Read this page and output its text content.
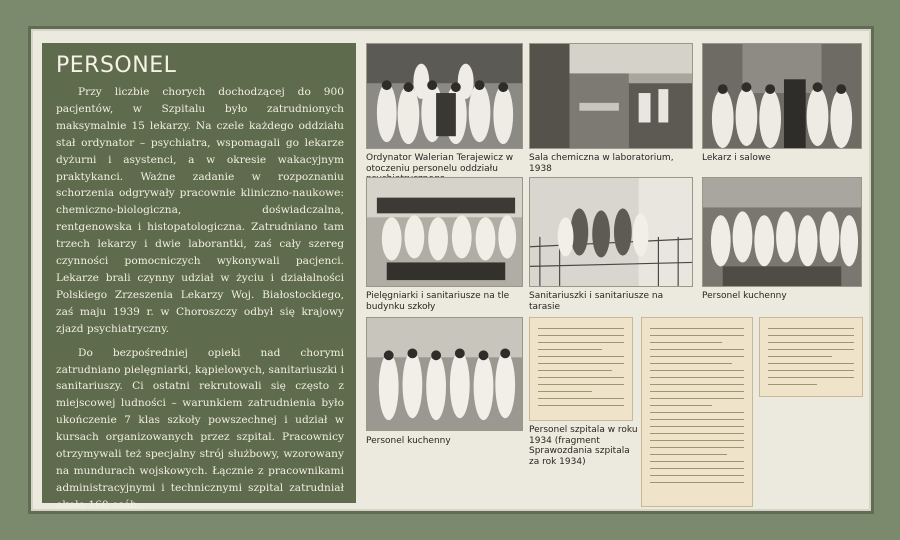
PERSONEL

Przy liczbie chorych dochodzącej do 900 pacjentów, w Szpitalu było zatrudnionych maksymalnie 15 lekarzy. Na czele każdego oddziału stał ordynator – psychiatra, wspomagali go lekarze dyżurni i asystenci, a w okresie wakacyjnym praktykanci. Ważne zadanie w rozpoznaniu schorzenia odgrywały pracownie kliniczno-naukowe: chemiczno-biologiczna, doświadczalna, rentgenowska i histopatologiczna. Zatrudniano tam trzech lekarzy i dwie laborantki, zaś cały szereg czynności pomocniczych wykonywali pacjenci. Lekarze brali czynny udział w życiu i działalności Polskiego Zrzeszenia Lekarzy Woj. Białostockiego, zaś maju 1939 r. w Choroszczy odbył się krajowy zjazd psychiatryczny.

Do bezpośredniej opieki nad chorymi zatrudniano pielęgniarki, kąpielowych, sanitariuszki i sanitariuszy. Ci ostatni rekrutowali się często z miejscowej ludności – warunkiem zatrudnienia było ukończenie 7 klas szkoły powszechnej i udział w kursach organizowanych przez szpital. Pracownicy otrzymywali też specjalny strój służbowy, wzorowany na mundurach wojskowych. Łącznie z pracownikami administracyjnymi i technicznymi szpital zatrudniał około 160 osób.

Ordynator Walerian Terajewicz w otoczeniu personelu oddziału
Sala chemiczna w laboratorium, 1938
Lekarz i salowe
Pielęgniarki i sanitariusze na tle budynku szkoły
Sanitariuszki i sanitariusze na tarasie
Personel kuchenny
Personel kuchenny
Personel szpitala w roku 1934 (fragment Sprawozdania szpitala za rok 1934)
